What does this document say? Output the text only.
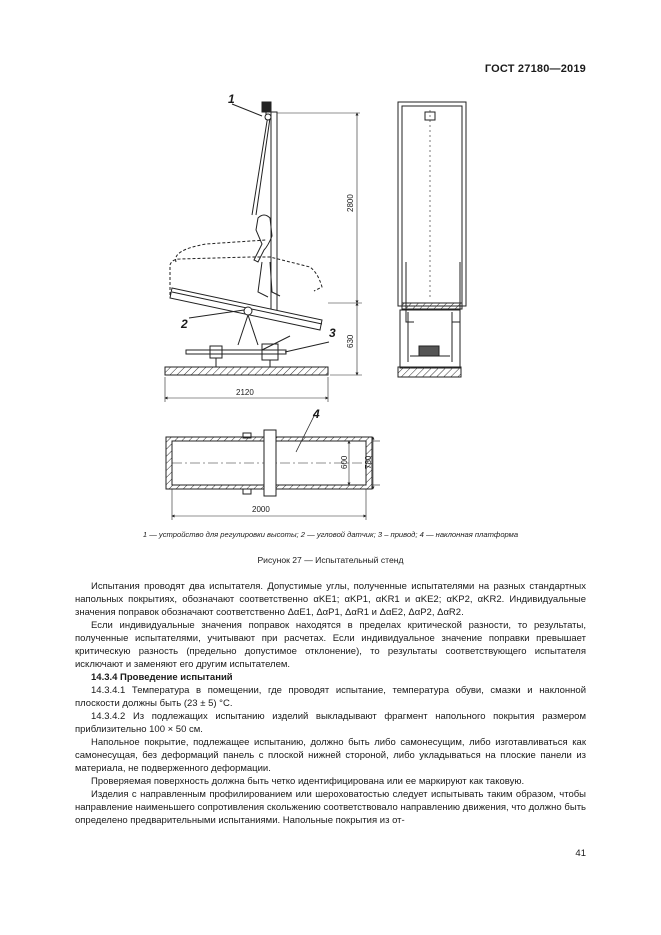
ГОСТ 27180—2019
1
2
3
4
2800
630
2120
600 780
2000
1 — устройство для регулировки высоты; 2 — угловой датчик; 3 – привод; 4 — наклонная платформа
Рисунок 27 — Испытательный стенд

Испытания проводят два испытателя. Допустимые углы, полученные испытателями на разных стандартных напольных покрытиях, обозначают соответственно αKE1; αKP1, αKR1 и αKE2; αKP2, αKR2. Индивидуальные значения поправок обозначают соответственно ΔαE1, ΔαP1, ΔαR1 и ΔαE2, ΔαP2, ΔαR2.

Если индивидуальные значения поправок находятся в пределах критической разности, то результаты, полученные испытателями, учитывают при расчетах. Если индивидуальное значение поправки превышает критическую разность (предельно допустимое отклонение), то результаты соответствующего испытателя исключают и заменяют его другим испытателем.

14.3.4 Проведение испытаний

14.3.4.1 Температура в помещении, где проводят испытание, температура обуви, смазки и наклонной плоскости должны быть (23 ± 5) °С.

14.3.4.2 Из подлежащих испытанию изделий выкладывают фрагмент напольного покрытия размером приблизительно 100 × 50 см.

Напольное покрытие, подлежащее испытанию, должно быть либо самонесущим, либо изготавливаться как самонесущая, без деформаций панель с плоской нижней стороной, либо укладываться на плоские панели из материала, не подверженного деформации.

Проверяемая поверхность должна быть четко идентифицирована или ее маркируют как таковую.

Изделия с направленным профилированием или шероховатостью следует испытывать таким образом, чтобы направление наименьшего сопротивления скольжению соответствовало направлению движения, что должно быть определено предварительными испытаниями. Напольные покрытия из от-

41
